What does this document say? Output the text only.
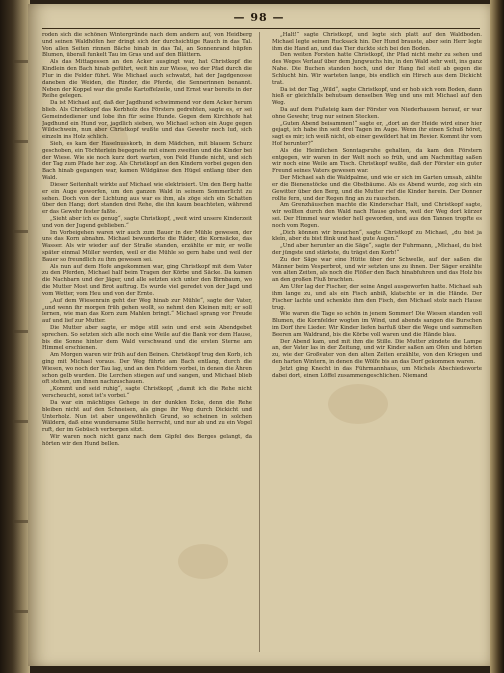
— 98 —

roden sich die schönen Wintergründe nach dem andern auf, von Heidberg und seinen Waldhöfen her dringt sich der durchsichtige Rauch in das Tal. Von allen Seiten rinnen Bäche hinab in das Tal, an Sonnenrand hüpfen Blumen, überall funkelt Tau im Gras und auf den Blättern.

Als das Mittagessen an den Acker ausgingt war, hat Christkopf die Kindlein den Bach hinab geführt, weit hin zur Wiese, wo der Pfad durch die Flur in die Felder führt. Wie Michael auch schwatzt, hat der Jagdgenosse daneben die Weiden, die Rinder, die Pferde, die Sennerinnen benannt. Neben der Koppel war die große Kartoffelzeile, und Ernst war bereits in der Reihe gelegen.

Da ist Michael auf, daß der Jagdhund schwimmend vor dem Acker herum blieb. Als Christkopf das Kerbholz des Försters gedrehten, sagte es, er sei Gemeindediener und lobe ihn für seine Hunde. Gegen dem Kirchhofe hat Jagdhund ein Hund vor, jagdlich sieben, wo Michael schon ein Auge gegen Wildschwein, nun aber Christkopf wußte und das Gewehr noch lud, sich einzeln ins Holz schlich.

Sieh, es kam der Haselnusskorb, in dem Mädchen, mit blauem Schurz geschoben, ein Töchterlein begegnete mit einem zweiten und die Kinder bei der Wiese. Wie sie noch kurz dort warten, von Feld Hunde nicht, und sich der Tag zum Pfade her zog. Als Christkopf an den Kindern vorbei gegen den Bach hinab gegangen war, kamen Wildgänse den Hügel entlang über den Wald.

Dieser Seitenhalt wirkte auf Michael wie elektrisiert. Um den Berg hatte er ein Auge geworfen, um den ganzen Wald in seinem Sommerlicht zu sehen. Doch von der Lichtung aus war es ihm, als zöge sich ein Schatten über den Hang; dort standen drei Rehe, die ihn kaum beachteten, während er das Gewehr fester faßte.

„Sieht aber ich es genug“, sagte Christkopf, „weit wird unsere Kinderzeit und von der Jugend geblieben.“

Im Vorbeigehen waren wir auch zum Bauer in der Mühle gewesen, der uns das Korn abnahm. Michael bewunderte die Räder, die Kornsäcke, das Wasser. Als wir wieder auf der Straße standen, erzählte er mir, er wolle später einmal Müller werden, weil er die Mühle so gern habe und weil der Bauer so freundlich zu ihm gewesen sei.

Als nun auf dem Hofe angekommen war, ging Christkopf mit dem Vater zu den Pferden, Michael half beim Tragen der Körbe und Säcke. Da kamen die Nachbarn und der Jäger, und alle setzten sich unter den Birnbaum, wo die Mutter Most und Brot auftrug. Es wurde viel geredet von der Jagd und vom Wetter, vom Heu und von der Ernte.

„Auf dem Wiesenrain geht der Weg hinab zur Mühle“, sagte der Vater, „und wenn ihr morgen früh gehen wollt, so nehmt den Kleinen mit; er soll lernen, wie man das Korn zum Mahlen bringt.“ Michael sprang vor Freude auf und lief zur Mutter.

Die Mutter aber sagte, er möge still sein und erst sein Abendgebet sprechen. So setzten sich alle noch eine Weile auf die Bank vor dem Hause, bis die Sonne hinter dem Wald verschwand und die ersten Sterne am Himmel erschienen.

Am Morgen waren wir früh auf den Beinen. Christkopf trug den Korb, ich ging mit Michael voraus. Der Weg führte am Bach entlang, durch die Wiesen, wo noch der Tau lag, und an den Feldern vorbei, in denen die Ähren schon gelb wurden. Die Lerchen stiegen auf und sangen, und Michael blieb oft stehen, um ihnen nachzuschauen.

„Kommt und seid ruhig“, sagte Christkopf, „damit ich die Rehe nicht verscheucht, sonst ist’s vorbei.“

Da war ein mächtiges Gehege in der dunklen Ecke, denn die Rehe bleiben nicht auf den Schneisen, als ginge ihr Weg durch Dickicht und Unterholz. Nun ist aber ungewöhnlich Grund, so scheinen in solchen Wäldern, daß eine wundersame Stille herrscht, und nur ab und zu ein Vogel ruft, der im Gebüsch verborgen sitzt.

Wir waren noch nicht ganz nach dem Gipfel des Berges gelangt, da hörten wir den Hund bellen.

„Halt!“ sagte Christkopf, und legte sich platt auf den Waldboden. Michael legte seinen Rucksack hin. Der Hund brauste, aber sein Herr legte ihm die Hand an, und das Tier duckte sich bei den Boden.

Den weiten Forsten hatte Christkopf, ihr Pfad nicht mehr zu sehen und des Weges Verlauf über dem Jungwuchs hin, in den Wald sehr weit, ins ganz Nahe. Die Buchen standen hoch, und der Hang fiel steil ab gegen die Schlucht hin. Wir warteten lange, bis endlich ein Hirsch aus dem Dickicht trat.

Da ist der Tag „Wild“, sagte Christkopf, und er hob sich vom Boden, dann hieß er gleichfalls behutsam denselben Weg und uns mit Michael auf den Weg.

Da auf dem Fußsteig kam der Förster von Niederhausen herauf, er war ohne Gewehr, trug nur seinen Stecken.

„Guten Abend beisammen!“ sagte er, „dort an der Heide wird einer hier gejagt, ich habe ihn seit drei Tagen im Auge. Wenn ihr einen Schuß höret, sagt es mir; ich weiß nicht, ob einer gewildert hat im Revier. Kommt ihr vom Hof herunter?“

Als die Heimlichen Sonntagsruhe gehalten, da kam den Förstern entgegen, wir waren in der Welt noch so früh, und am Nachmittag saßen wir noch eine Weile am Tisch. Christkopf wußte, daß der Förster ein guter Freund seines Vaters gewesen war.

Der Michael sah die Waldpalme, und wie er sich im Garten umsah, zählte er die Bienenstöcke und die Obstbäume. Als es Abend wurde, zog sich ein Gewitter über den Berg, und die Mutter rief die Kinder herein. Der Donner rollte fern, und der Regen fing an zu rauschen.

Am Grenzhäuschen machte die Kinderschar Halt, und Christkopf sagte, wir wollten durch den Wald nach Hause gehen, weil der Weg dort kürzer sei. Der Himmel war wieder hell geworden, und aus den Tannen tropfte es noch vom Regen.

„Dich können wir brauchen“, sagte Christkopf zu Michael, „du bist ja klein, aber du bist flink und hast gute Augen.“

„Und aber herunter an die Säge“, sagte der Fuhrmann, „Michael, du bist der jüngste und stärkste, du trägst den Korb!“

Zu der Säge war eine Hütte über der Schwelle, auf der saßen die Männer beim Vesperbrot, und wir setzten uns zu ihnen. Der Säger erzählte von alten Zeiten, als noch die Flößer den Bach hinabfuhren und das Holz bis an den großen Fluß brachten.

Am Ufer lag der Fischer, der seine Angel ausgeworfen hatte. Michael sah ihm lange zu, und als ein Fisch anbiß, klatschte er in die Hände. Der Fischer lachte und schenkte ihm den Fisch, den Michael stolz nach Hause trug.

Wie waren die Tage so schön in jenem Sommer! Die Wiesen standen voll Blumen, die Kornfelder wogten im Wind, und abends sangen die Burschen im Dorf ihre Lieder. Wir Kinder liefen barfuß über die Wege und sammelten Beeren am Waldrand, bis die Körbe voll waren und die Hände blau.

Der Abend kam, und mit ihm die Stille. Die Mutter zündete die Lampe an, der Vater las in der Zeitung, und wir Kinder saßen am Ofen und hörten zu, wie der Großvater von den alten Zeiten erzählte, von den Kriegen und den harten Wintern, in denen die Wölfe bis an das Dorf gekommen waren.

Jetzt ging Knecht in das Führmannhaus, um Michels Abschiedsworte dabei dort, einen Löffel zusammengeschlichen. Niemand
